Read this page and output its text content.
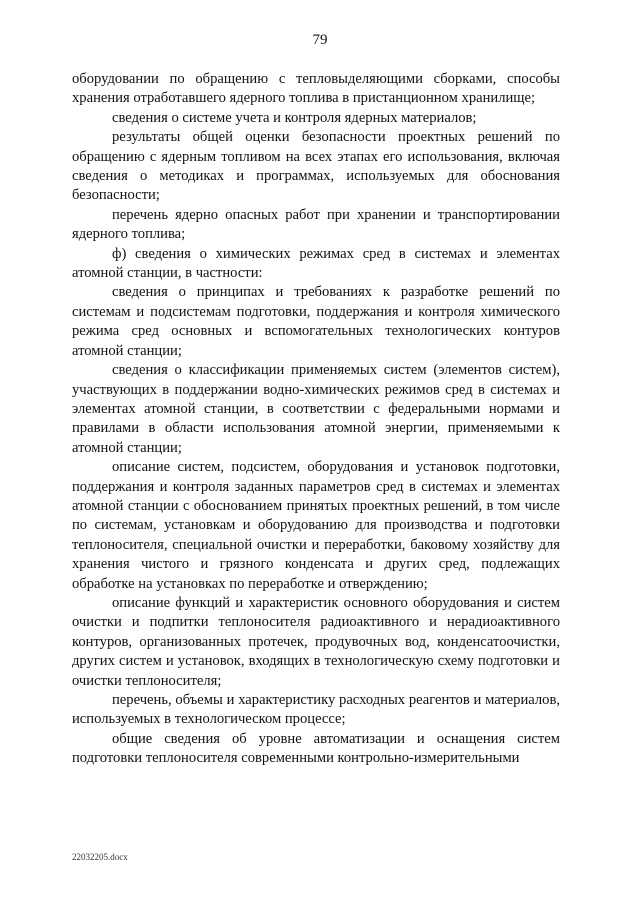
79

оборудовании по обращению с тепловыделяющими сборками, способы хранения отработавшего ядерного топлива в пристанционном хранилище;

сведения о системе учета и контроля ядерных материалов;

результаты общей оценки безопасности проектных решений по обращению с ядерным топливом на всех этапах его использования, включая сведения о методиках и программах, используемых для обоснования безопасности;

перечень ядерно опасных работ при хранении и транспортировании ядерного топлива;

ф) сведения о химических режимах сред в системах и элементах атомной станции, в частности:

сведения о принципах и требованиях к разработке решений по системам и подсистемам подготовки, поддержания и контроля химического режима сред основных и вспомогательных технологических контуров атомной станции;

сведения о классификации применяемых систем (элементов систем), участвующих в поддержании водно-химических режимов сред в системах и элементах атомной станции, в соответствии с федеральными нормами и правилами в области использования атомной энергии, применяемыми к атомной станции;

описание систем, подсистем, оборудования и установок подготовки, поддержания и контроля заданных параметров сред в системах и элементах атомной станции с обоснованием принятых проектных решений, в том числе по системам, установкам и оборудованию для производства и подготовки теплоносителя, специальной очистки и переработки, баковому хозяйству для хранения чистого и грязного конденсата и других сред, подлежащих обработке на установках по переработке и отверждению;

описание функций и характеристик основного оборудования и систем очистки и подпитки теплоносителя радиоактивного и нерадиоактивного контуров, организованных протечек, продувочных вод, конденсатоочистки, других систем и установок, входящих в технологическую схему подготовки и очистки теплоносителя;

перечень, объемы и характеристику расходных реагентов и материалов, используемых в технологическом процессе;

общие сведения об уровне автоматизации и оснащения систем подготовки теплоносителя современными контрольно-измерительными

22032205.docx
